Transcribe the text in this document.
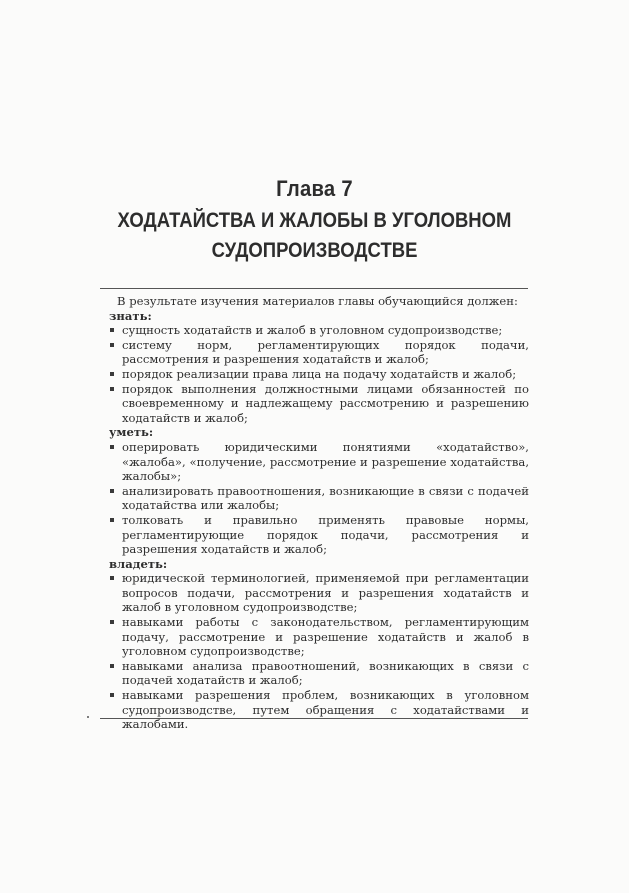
Глава 7
ХОДАТАЙСТВА И ЖАЛОБЫ В УГОЛОВНОМ
СУДОПРОИЗВОДСТВЕ
В результате изучения материалов главы обучающийся должен:
знать:
сущность ходатайств и жалоб в уголовном судопроизводстве;
систему норм, регламентирующих порядок подачи, рассмотрения и разрешения ходатайств и жалоб;
порядок реализации права лица на подачу ходатайств и жалоб;
порядок выполнения должностными лицами обязанностей по своевременному и надлежащему рассмотрению и разрешению ходатайств и жалоб;
уметь:
оперировать юридическими понятиями «ходатайство», «жалоба», «получение, рассмотрение и разрешение ходатайства, жалобы»;
анализировать правоотношения, возникающие в связи с подачей ходатайства или жалобы;
толковать и правильно применять правовые нормы, регламентирующие порядок подачи, рассмотрения и разрешения ходатайств и жалоб;
владеть:
юридической терминологией, применяемой при регламентации вопросов подачи, рассмотрения и разрешения ходатайств и жалоб в уголовном судопроизводстве;
навыками работы с законодательством, регламентирующим подачу, рассмотрение и разрешение ходатайств и жалоб в уголовном судопроизводстве;
навыками анализа правоотношений, возникающих в связи с подачей ходатайств и жалоб;
навыками разрешения проблем, возникающих в уголовном судопроизводстве, путем обращения с ходатайствами и жалобами.
